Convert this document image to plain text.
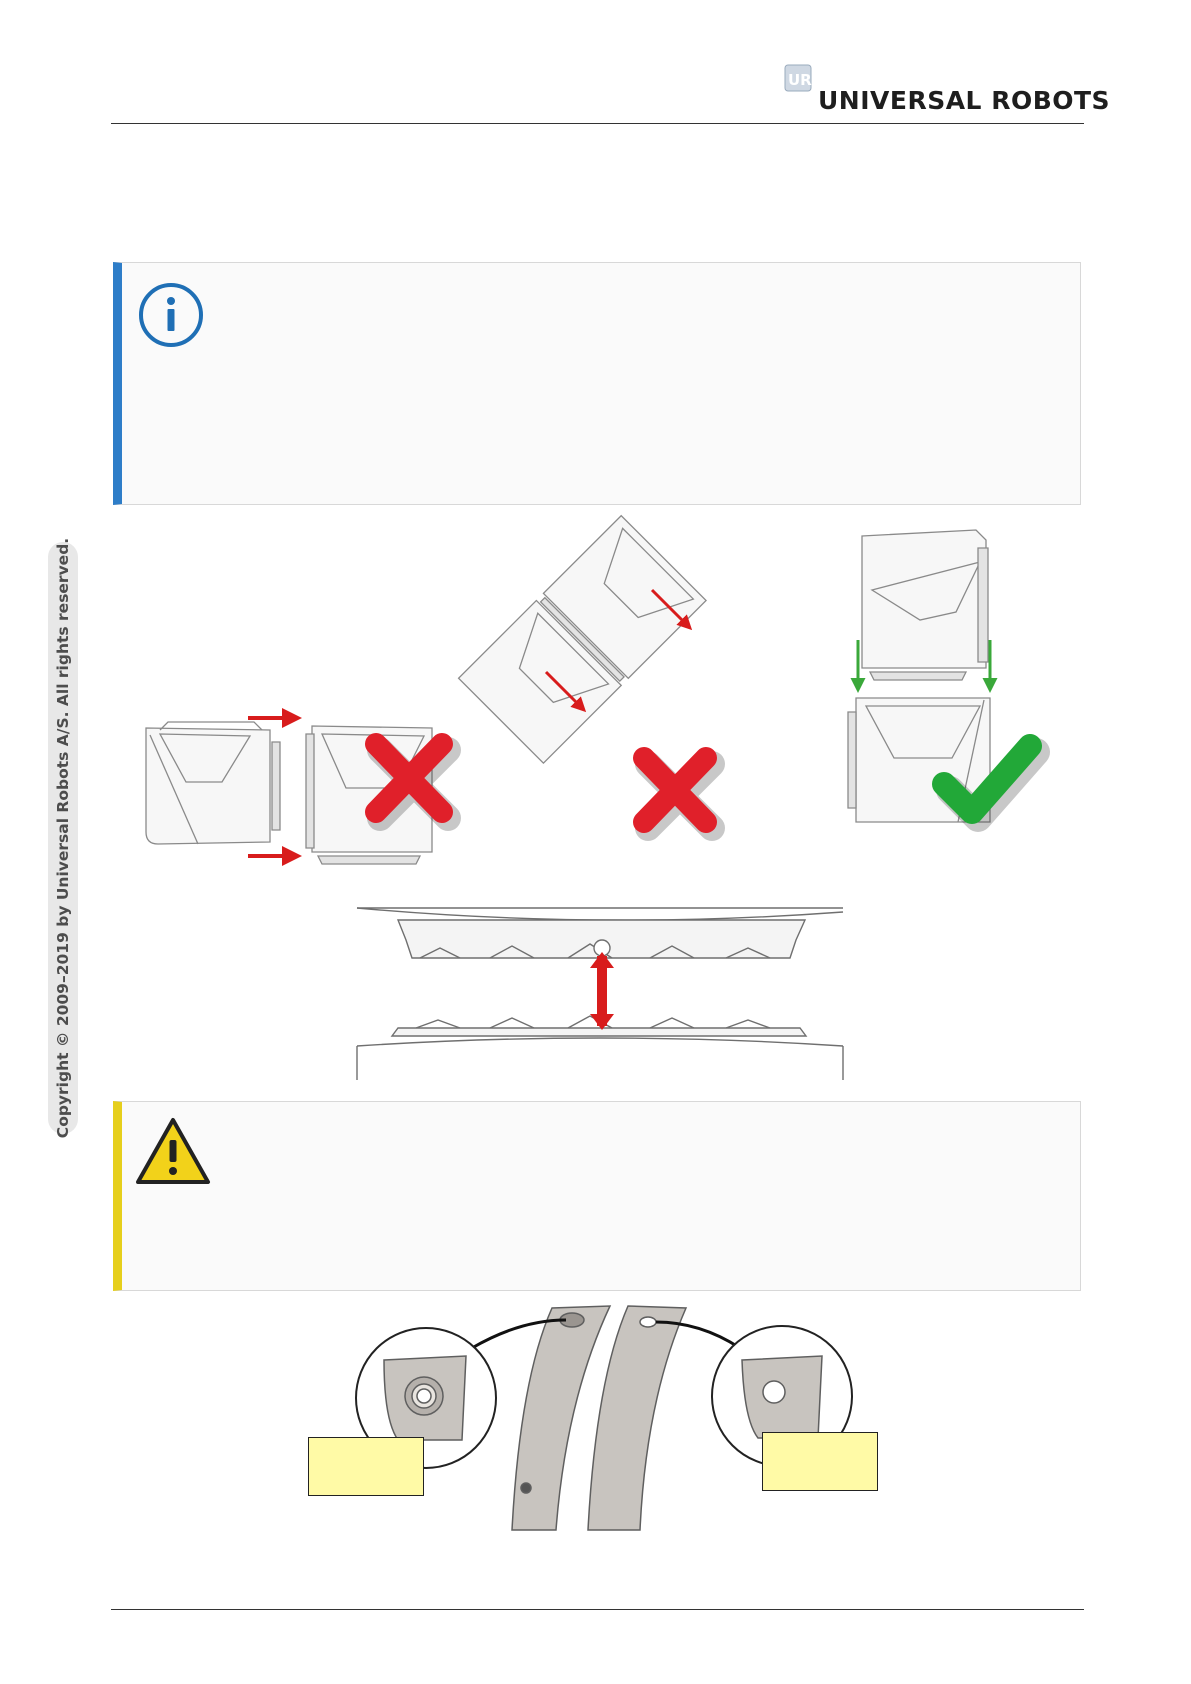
UR
UNIVERSAL ROBOTS
Copyright © 2009–2019 by Universal Robots A/S. All rights reserved.
